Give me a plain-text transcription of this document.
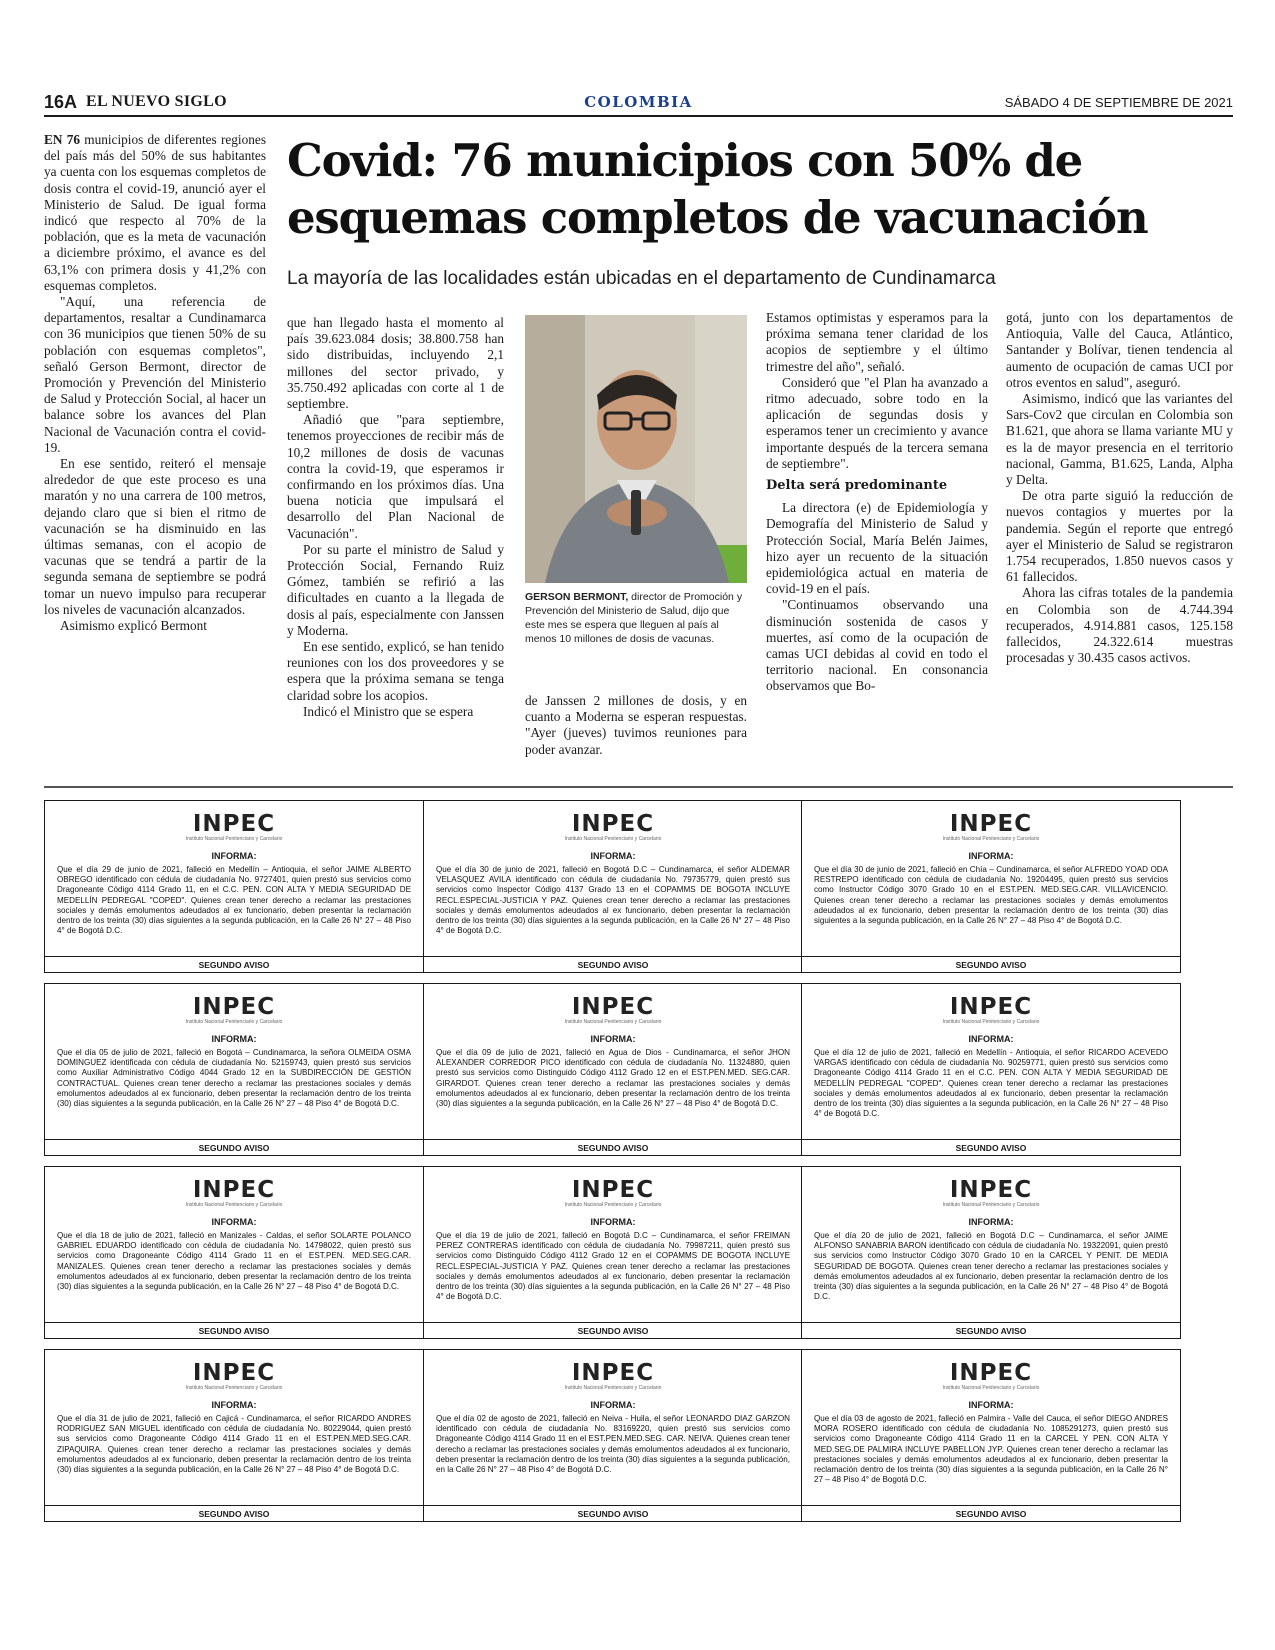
16A EL NUEVO SIGLO	COLOMBIA	SÁBADO 4 DE SEPTIEMBRE DE 2021
Covid: 76 municipios con 50% de esquemas completos de vacunación
La mayoría de las localidades están ubicadas en el departamento de Cundinamarca

EN 76 municipios de diferentes regiones del país más del 50% de sus habitantes ya cuenta con los esquemas completos de dosis contra el covid-19, anunció ayer el Ministerio de Salud. De igual forma indicó que respecto al 70% de la población, que es la meta de vacunación a diciembre próximo, el avance es del 63,1% con primera dosis y 41,2% con esquemas completos.

"Aquí, una referencia de departamentos, resaltar a Cundinamarca con 36 municipios que tienen 50% de su población con esquemas completos", señaló Gerson Bermont, director de Promoción y Prevención del Ministerio de Salud y Protección Social, al hacer un balance sobre los avances del Plan Nacional de Vacunación contra el covid-19.

En ese sentido, reiteró el mensaje alrededor de que este proceso es una maratón y no una carrera de 100 metros, dejando claro que si bien el ritmo de vacunación se ha disminuido en las últimas semanas, con el acopio de vacunas que se tendrá a partir de la segunda semana de septiembre se podrá tomar un nuevo impulso para recuperar los niveles de vacunación alcanzados.

Asimismo explicó Bermont

que han llegado hasta el momento al país 39.623.084 dosis; 38.800.758 han sido distribuidas, incluyendo 2,1 millones del sector privado, y 35.750.492 aplicadas con corte al 1 de septiembre.

Añadió que "para septiembre, tenemos proyecciones de recibir más de 10,2 millones de dosis de vacunas contra la covid-19, que esperamos ir confirmando en los próximos días. Una buena noticia que impulsará el desarrollo del Plan Nacional de Vacunación".

Por su parte el ministro de Salud y Protección Social, Fernando Ruiz Gómez, también se refirió a las dificultades en cuanto a la llegada de dosis al país, especialmente con Janssen y Moderna.

En ese sentido, explicó, se han tenido reuniones con los dos proveedores y se espera que la próxima semana se tenga claridad sobre los acopios.

Indicó el Ministro que se espera

GERSON BERMONT, director de Promoción y Prevención del Ministerio de Salud, dijo que este mes se espera que lleguen al país al menos 10 millones de dosis de vacunas.

de Janssen 2 millones de dosis, y en cuanto a Moderna se esperan respuestas. "Ayer (jueves) tuvimos reuniones para poder avanzar.

Estamos optimistas y esperamos para la próxima semana tener claridad de los acopios de septiembre y el último trimestre del año", señaló.

Consideró que "el Plan ha avanzado a ritmo adecuado, sobre todo en la aplicación de segundas dosis y esperamos tener un crecimiento y avance importante después de la tercera semana de septiembre".

Delta será predominante

La directora (e) de Epidemiología y Demografía del Ministerio de Salud y Protección Social, María Belén Jaimes, hizo ayer un recuento de la situación epidemiológica actual en materia de covid-19 en el país.

"Continuamos observando una disminución sostenida de casos y muertes, así como de la ocupación de camas UCI debidas al covid en todo el territorio nacional. En consonancia observamos que Bo-

gotá, junto con los departamentos de Antioquia, Valle del Cauca, Atlántico, Santander y Bolívar, tienen tendencia al aumento de ocupación de camas UCI por otros eventos en salud", aseguró.

Asimismo, indicó que las variantes del Sars-Cov2 que circulan en Colombia son B1.621, que ahora se llama variante MU y es la de mayor presencia en el territorio nacional, Gamma, B1.625, Landa, Alpha y Delta.

De otra parte siguió la reducción de nuevos contagios y muertes por la pandemia. Según el reporte que entregó ayer el Ministerio de Salud se registraron 1.754 recuperados, 1.850 nuevos casos y 61 fallecidos.

Ahora las cifras totales de la pandemia en Colombia son de 4.744.394 recuperados, 4.914.881 casos, 125.158 fallecidos, 24.322.614 muestras procesadas y 30.435 casos activos.

INPEC
Instituto Nacional Penitenciario y Carcelario
INFORMA:
Que el día 29 de junio de 2021, falleció en Medellín – Antioquia, el señor JAIME ALBERTO OBREGO identificado con cédula de ciudadanía No. 9727401, quien prestó sus servicios como Dragoneante Código 4114 Grado 11, en el C.C. PEN. CON ALTA Y MEDIA SEGURIDAD DE MEDELLÍN PEDREGAL "COPED". Quienes crean tener derecho a reclamar las prestaciones sociales y demás emolumentos adeudados al ex funcionario, deben presentar la reclamación dentro de los treinta (30) días siguientes a la segunda publicación, en la Calle 26 N° 27 – 48 Piso 4° de Bogotá D.C.
SEGUNDO AVISO
INPEC
Instituto Nacional Penitenciario y Carcelario
INFORMA:
Que el día 30 de junio de 2021, falleció en Bogotá D.C – Cundinamarca, el señor ALDEMAR VELASQUEZ AVILA identificado con cédula de ciudadanía No. 79735779, quien prestó sus servicios como Inspector Código 4137 Grado 13 en el COPAMMS DE BOGOTA INCLUYE RECL.ESPECIAL-JUSTICIA Y PAZ. Quienes crean tener derecho a reclamar las prestaciones sociales y demás emolumentos adeudados al ex funcionario, deben presentar la reclamación dentro de los treinta (30) días siguientes a la segunda publicación, en la Calle 26 N° 27 – 48 Piso 4° de Bogotá D.C.
SEGUNDO AVISO
INPEC
Instituto Nacional Penitenciario y Carcelario
INFORMA:
Que el día 30 de junio de 2021, falleció en Chía – Cundinamarca, el señor ALFREDO YOAD ODA RESTREPO identificado con cédula de ciudadanía No. 19204495, quien prestó sus servicios como Instructor Código 3070 Grado 10 en el EST.PEN. MED.SEG.CAR. VILLAVICENCIO. Quienes crean tener derecho a reclamar las prestaciones sociales y demás emolumentos adeudados al ex funcionario, deben presentar la reclamación dentro de los treinta (30) días siguientes a la segunda publicación, en la Calle 26 N° 27 – 48 Piso 4° de Bogotá D.C.
SEGUNDO AVISO
INPEC
Instituto Nacional Penitenciario y Carcelario
INFORMA:
Que el día 05 de julio de 2021, falleció en Bogotá – Cundinamarca, la señora OLMEIDA OSMA DOMINGUEZ identificada con cédula de ciudadanía No. 52159743, quien prestó sus servicios como Auxiliar Administrativo Código 4044 Grado 12 en la SUBDIRECCIÓN DE GESTIÓN CONTRACTUAL. Quienes crean tener derecho a reclamar las prestaciones sociales y demás emolumentos adeudados al ex funcionario, deben presentar la reclamación dentro de los treinta (30) días siguientes a la segunda publicación, en la Calle 26 N° 27 – 48 Piso 4° de Bogotá D.C.
SEGUNDO AVISO
INPEC
Instituto Nacional Penitenciario y Carcelario
INFORMA:
Que el día 09 de julio de 2021, falleció en Agua de Dios - Cundinamarca, el señor JHON ALEXANDER CORREDOR PICO identificado con cédula de ciudadanía No. 11324880, quien prestó sus servicios como Distinguido Código 4112 Grado 12 en el EST.PEN.MED. SEG.CAR. GIRARDOT. Quienes crean tener derecho a reclamar las prestaciones sociales y demás emolumentos adeudados al ex funcionario, deben presentar la reclamación dentro de los treinta (30) días siguientes a la segunda publicación, en la Calle 26 N° 27 – 48 Piso 4° de Bogotá D.C.
SEGUNDO AVISO
INPEC
Instituto Nacional Penitenciario y Carcelario
INFORMA:
Que el día 12 de julio de 2021, falleció en Medellín - Antioquia, el señor RICARDO ACEVEDO VARGAS identificado con cédula de ciudadanía No. 90259771, quien prestó sus servicios como Dragoneante Código 4114 Grado 11 en el C.C. PEN. CON ALTA Y MEDIA SEGURIDAD DE MEDELLÍN PEDREGAL "COPED". Quienes crean tener derecho a reclamar las prestaciones sociales y demás emolumentos adeudados al ex funcionario, deben presentar la reclamación dentro de los treinta (30) días siguientes a la segunda publicación, en la Calle 26 N° 27 – 48 Piso 4° de Bogotá D.C.
SEGUNDO AVISO
INPEC
Instituto Nacional Penitenciario y Carcelario
INFORMA:
Que el día 18 de julio de 2021, falleció en Manizales - Caldas, el señor SOLARTE POLANCO GABRIEL EDUARDO identificado con cédula de ciudadanía No. 14798022, quien prestó sus servicios como Dragoneante Código 4114 Grado 11 en el EST.PEN. MED.SEG.CAR. MANIZALES. Quienes crean tener derecho a reclamar las prestaciones sociales y demás emolumentos adeudados al ex funcionario, deben presentar la reclamación dentro de los treinta (30) días siguientes a la segunda publicación, en la Calle 26 N° 27 – 48 Piso 4° de Bogotá D.C.
SEGUNDO AVISO
INPEC
Instituto Nacional Penitenciario y Carcelario
INFORMA:
Que el día 19 de julio de 2021, falleció en Bogotá D.C – Cundinamarca, el señor FREIMAN PEREZ CONTRERAS identificado con cédula de ciudadanía No. 79987211, quien prestó sus servicios como Distinguido Código 4112 Grado 12 en el COPAMMS DE BOGOTA INCLUYE RECL.ESPECIAL-JUSTICIA Y PAZ. Quienes crean tener derecho a reclamar las prestaciones sociales y demás emolumentos adeudados al ex funcionario, deben presentar la reclamación dentro de los treinta (30) días siguientes a la segunda publicación, en la Calle 26 N° 27 – 48 Piso 4° de Bogotá D.C.
SEGUNDO AVISO
INPEC
Instituto Nacional Penitenciario y Carcelario
INFORMA:
Que el día 20 de julio de 2021, falleció en Bogotá D.C – Cundinamarca, el señor JAIME ALFONSO SANABRIA BARON identificado con cédula de ciudadanía No. 19322091, quien prestó sus servicios como Instructor Código 3070 Grado 10 en la CARCEL Y PENIT. DE MEDIA SEGURIDAD DE BOGOTA. Quienes crean tener derecho a reclamar las prestaciones sociales y demás emolumentos adeudados al ex funcionario, deben presentar la reclamación dentro de los treinta (30) días siguientes a la segunda publicación, en la Calle 26 N° 27 – 48 Piso 4° de Bogotá D.C.
SEGUNDO AVISO
INPEC
Instituto Nacional Penitenciario y Carcelario
INFORMA:
Que el día 31 de julio de 2021, falleció en Cajicá - Cundinamarca, el señor RICARDO ANDRES RODRIGUEZ SAN MIGUEL identificado con cédula de ciudadanía No. 80229044, quien prestó sus servicios como Dragoneante Código 4114 Grado 11 en el EST.PEN.MED.SEG.CAR. ZIPAQUIRA. Quienes crean tener derecho a reclamar las prestaciones sociales y demás emolumentos adeudados al ex funcionario, deben presentar la reclamación dentro de los treinta (30) días siguientes a la segunda publicación, en la Calle 26 N° 27 – 48 Piso 4° de Bogotá D.C.
SEGUNDO AVISO
INPEC
Instituto Nacional Penitenciario y Carcelario
INFORMA:
Que el día 02 de agosto de 2021, falleció en Neiva - Huila, el señor LEONARDO DIAZ GARZON identificado con cédula de ciudadanía No. 83169220, quien prestó sus servicios como Dragoneante Código 4114 Grado 11 en el EST.PEN.MED.SEG. CAR. NEIVA. Quienes crean tener derecho a reclamar las prestaciones sociales y demás emolumentos adeudados al ex funcionario, deben presentar la reclamación dentro de los treinta (30) días siguientes a la segunda publicación, en la Calle 26 N° 27 – 48 Piso 4° de Bogotá D.C.
SEGUNDO AVISO
INPEC
Instituto Nacional Penitenciario y Carcelario
INFORMA:
Que el día 03 de agosto de 2021, falleció en Palmira - Valle del Cauca, el señor DIEGO ANDRES MORA ROSERO identificado con cédula de ciudadanía No. 1085291273, quien prestó sus servicios como Dragoneante Código 4114 Grado 11 en la CARCEL Y PEN. CON ALTA Y MED.SEG.DE PALMIRA INCLUYE PABELLON JYP. Quienes crean tener derecho a reclamar las prestaciones sociales y demás emolumentos adeudados al ex funcionario, deben presentar la reclamación dentro de los treinta (30) días siguientes a la segunda publicación, en la Calle 26 N° 27 – 48 Piso 4° de Bogotá D.C.
SEGUNDO AVISO
